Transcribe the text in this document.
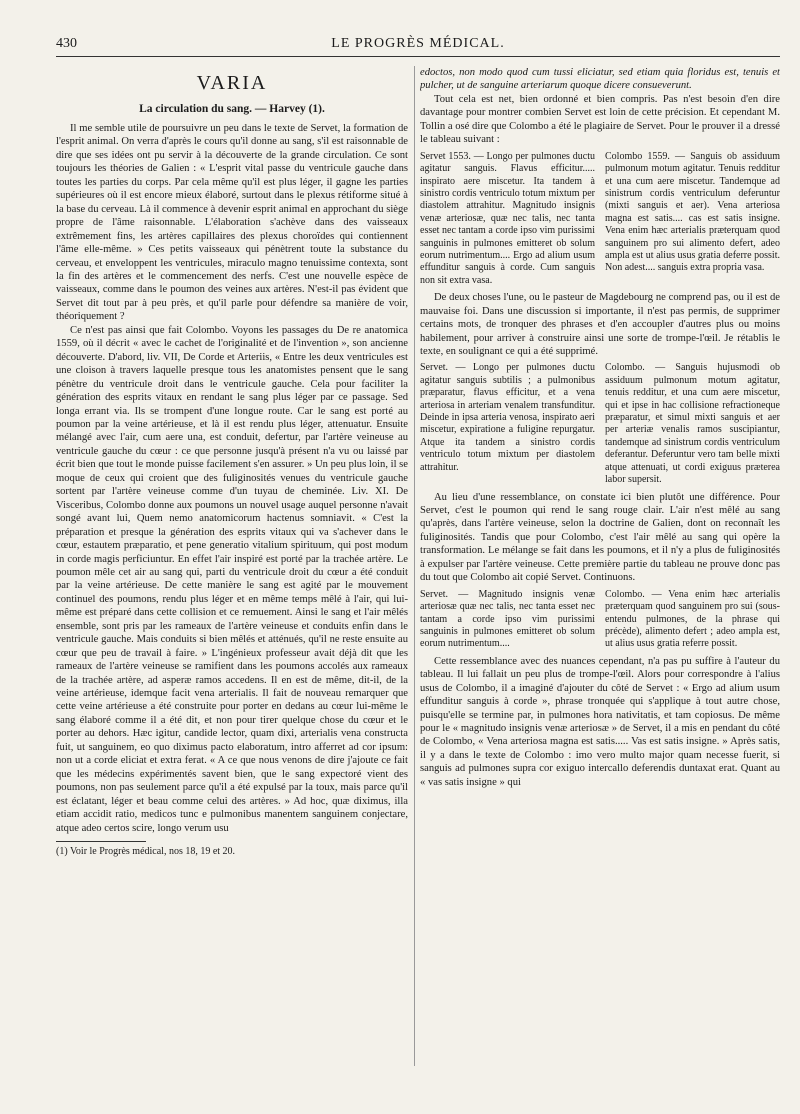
430	LE PROGRÈS MÉDICAL.
VARIA
La circulation du sang. — Harvey (1).

Il me semble utile de poursuivre un peu dans le texte de Servet, la formation de l'esprit animal. On verra d'après le cours qu'il donne au sang, s'il est raisonnable de dire que ses idées ont pu servir à la découverte de la grande circulation. Ce sont toujours les théories de Galien : « L'esprit vital passe du ventricule gauche dans toutes les parties du corps. Par cela même qu'il est plus léger, il gagne les parties supérieures où il est encore mieux élaboré, surtout dans le plexus rétiforme situé à la base du cerveau. Là il commence à devenir esprit animal en approchant du siège propre de l'âme raisonnable. L'élaboration s'achève dans des vaisseaux extrêmement fins, les artères capillaires des plexus choroïdes qui contiennent l'âme elle-même. » Ces petits vaisseaux qui pénètrent toute la substance du cerveau, et enveloppent les ventricules, miraculo magno tenuissime contexta, sont la fin des artères et le commencement des nerfs. C'est une nouvelle espèce de vaisseaux, comme dans le poumon des veines aux artères. N'est-il pas évident que Servet dit tout par à peu près, et qu'il parle pour défendre sa manière de voir, théoriquement ?

Ce n'est pas ainsi que fait Colombo. Voyons les passages du De re anatomica 1559, où il décrit « avec le cachet de l'originalité et de l'invention », son ancienne découverte. D'abord, liv. VII, De Corde et Arteriis, « Entre les deux ventricules est une cloison à travers laquelle presque tous les anatomistes pensent que le sang pénètre du ventricule droit dans le ventricule gauche. Cela pour faciliter la génération des esprits vitaux en rendant le sang plus léger par ce passage. Sed longa errant via. Ils se trompent d'une longue route. Car le sang est porté au poumon par la veine artérieuse, et là il est rendu plus léger, attenuatur. Ensuite mélangé avec l'air, cum aere una, est conduit, defertur, par l'artère veineuse au ventricule gauche du cœur : ce que personne jusqu'à présent n'a vu ou laissé par écrit bien que tout le monde puisse facilement s'en assurer. » Un peu plus loin, il se moque de ceux qui croient que des fuliginosités venues du ventricule gauche sortent par l'artère veineuse comme d'un tuyau de cheminée. Liv. XI. De Visceribus, Colombo donne aux poumons un nouvel usage auquel personne n'avait songé avant lui, Quem nemo anatomicorum hactenus somniavit. « C'est la préparation et presque la génération des esprits vitaux qui va s'achever dans le cœur, estautem præparatio, et pene generatio vitalium spirituum, qui post modum in corde magis perficiuntur. En effet l'air inspiré est porté par la trachée artère. Le poumon mêle cet air au sang qui, parti du ventricule droit du cœur a été conduit par la veine artérieuse. De cette manière le sang est agité par le mouvement continuel des poumons, rendu plus léger et en même temps mêlé à l'air, qui lui-même est préparé dans cette collision et ce remuement. Ainsi le sang et l'air mêlés ensemble, sont pris par les rameaux de l'artère veineuse et conduits enfin dans le ventricule gauche. Mais conduits si bien mêlés et atténués, qu'il ne reste ensuite au cœur que peu de travail à faire. » L'ingénieux professeur avait déjà dit que les rameaux de l'artère veineuse se ramifient dans les poumons accolés aux rameaux de la trachée artère, ad asperæ ramos accedens. Il en est de même, dit-il, de la veine artérieuse, idemque facit vena arterialis. Il fait de nouveau remarquer que cette veine artérieuse a été construite pour porter en dedans au cœur lui-même le sang élaboré comme il a été dit, et non pour tirer quelque chose du cœur et le porter au dehors. Hæc igitur, candide lector, quam dixi, arterialis vena constructa fuit, ut sanguinem, eo quo diximus pacto elaboratum, intro afferret ad cor ipsum: non ut a corde eliciat et extra ferat. « A ce que nous venons de dire j'ajoute ce fait que les médecins expérimentés savent bien, que le sang expectoré vient des poumons, non pas seulement parce qu'il a été expulsé par la toux, mais parce qu'il est éclatant, léger et beau comme celui des artères. » Ad hoc, quæ diximus, illa etiam accidit ratio, medicos tunc e pulmonibus manentem sanguinem conjectare, atque adeo certos scire, longo verum usu

(1) Voir le Progrès médical, nos 18, 19 et 20.

edoctos, non modo quod cum tussi eliciatur, sed etiam quia floridus est, tenuis et pulcher, ut de sanguine arteriarum quoque dicere consueverunt.

Tout cela est net, bien ordonné et bien compris. Pas n'est besoin d'en dire davantage pour montrer combien Servet est loin de cette précision. Et cependant M. Tollin a osé dire que Colombo a été le plagiaire de Servet. Pour le prouver il a dressé le tableau suivant :

Servet 1553. — Longo per pulmones ductu agitatur sanguis. Flavus efficitur..... inspirato aere miscetur. Ita tandem à sinistro cordis ventriculo totum mixtum per diastolem attrahitur. Magnitudo insignis venæ arteriosæ, quæ nec talis, nec tanta esset nec tantam a corde ipso vim purissimi sanguinis in pulmones emitteret ob solum eorum nutrimentum.... Ergo ad alium usum effunditur sanguis à corde. Cum sanguis non sit extra vasa.
Colombo 1559. — Sanguis ob assiduum pulmonum motum agitatur. Tenuis redditur et una cum aere miscetur. Tandemque ad sinistrum cordis ventriculum deferuntur (mixti sanguis et aer). Vena arteriosa magna est satis.... cas est satis insigne. Vena enim hæc arterialis præterquam quod sanguinem pro sui alimento defert, adeo ampla est ut alius usus gratia deferre possit. Non adest.... sanguis extra propria vasa.

De deux choses l'une, ou le pasteur de Magdebourg ne comprend pas, ou il est de mauvaise foi. Dans une discussion si importante, il n'est pas permis, de supprimer certains mots, de tronquer des phrases et d'en accoupler d'autres plus ou moins habilement, pour arriver à construire ainsi une sorte de trompe-l'œil. Je rétablis le texte, en soulignant ce qui a été supprimé.

Servet. — Longo per pulmones ductu agitatur sanguis subtilis ; a pulmonibus præparatur, flavus efficitur, et a vena arteriosa in arteriam venalem transfunditur. Deinde in ipsa arteria venosa, inspirato aeri miscetur, expiratione a fuligine repurgatur. Atque ita tandem a sinistro cordis ventriculo totum mixtum per diastolem attrahitur.
Colombo. — Sanguis hujusmodi ob assiduum pulmonum motum agitatur, tenuis redditur, et una cum aere miscetur, qui et ipse in hac collisione refractioneque præparatur, et simul mixti sanguis et aer per arteriæ venalis ramos suscipiantur, tandemque ad sinistrum cordis ventriculum deferantur. Deferuntur vero tam belle mixti atque attenuati, ut cordi exiguus præterea labor supersit.

Au lieu d'une ressemblance, on constate ici bien plutôt une différence. Pour Servet, c'est le poumon qui rend le sang rouge clair. L'air n'est mêlé au sang qu'après, dans l'artère veineuse, selon la doctrine de Galien, dont on reconnaît les fuliginosités. Tandis que pour Colombo, c'est l'air mêlé au sang qui opère la transformation. Le mélange se fait dans les poumons, et il n'y a plus de fuliginosités à expulser par l'artère veineuse. Cette première partie du tableau ne prouve donc pas du tout que Colombo ait copié Servet. Continuons.

Servet. — Magnitudo insignis venæ arteriosæ quæ nec talis, nec tanta esset nec tantam a corde ipso vim purissimi sanguinis in pulmones emitteret ob solum eorum nutrimentum....
Colombo. — Vena enim hæc arterialis præterquam quod sanguinem pro sui (sous-entendu pulmones, de la phrase qui précède), alimento defert ; adeo ampla est, ut alius usus gratia referre possit.

Cette ressemblance avec des nuances cependant, n'a pas pu suffire à l'auteur du tableau. Il lui fallait un peu plus de trompe-l'œil. Alors pour correspondre à l'alius usus de Colombo, il a imaginé d'ajouter du côté de Servet : « Ergo ad alium usum effunditur sanguis à corde », phrase tronquée qui s'applique à tout autre chose, puisqu'elle se termine par, in pulmones hora nativitatis, et tam copiosus. De même pour le « magnitudo insignis venæ arteriosæ » de Servet, il a mis en pendant du côté de Colombo, « Vena arteriosa magna est satis..... Vas est satis insigne. » Après satis, il y a dans le texte de Colombo : imo vero multo major quam necesse fuerit, si sanguis ad pulmones supra cor exiguo intercallo deferendis duntaxat erat. Quant au « vas satis insigne » qui
